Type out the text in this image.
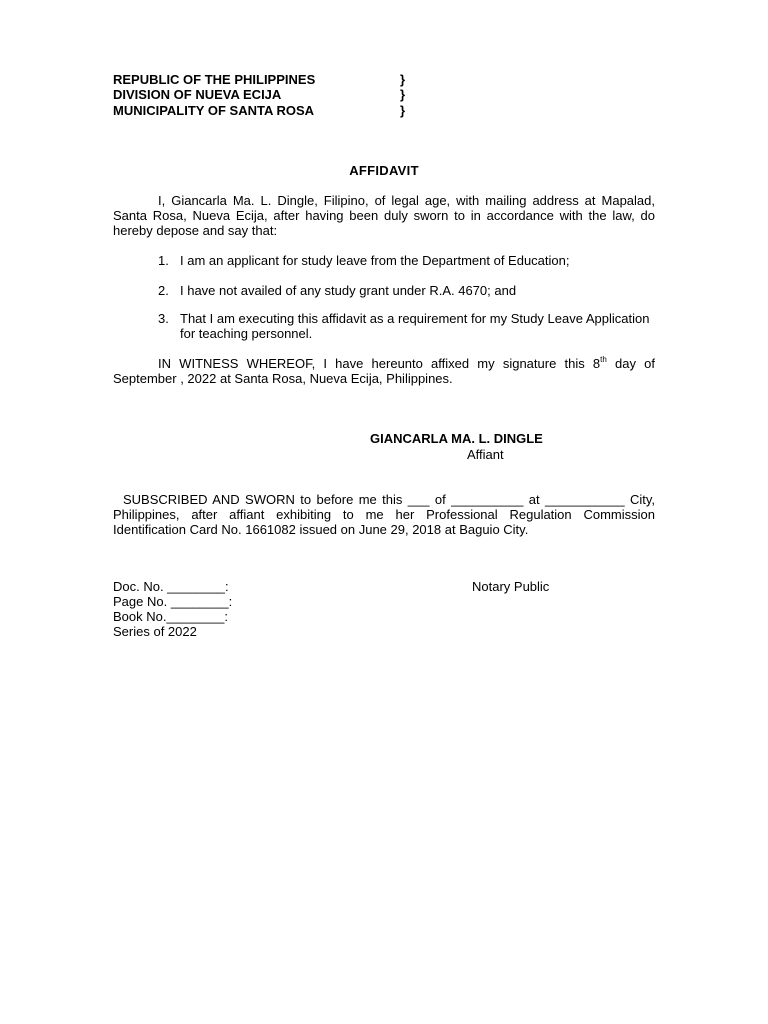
REPUBLIC OF THE PHILIPPINES	}
DIVISION OF NUEVA ECIJA	}
MUNICIPALITY OF SANTA ROSA	}
AFFIDAVIT
I, Giancarla Ma. L. Dingle, Filipino, of legal age, with mailing address at Mapalad, Santa Rosa, Nueva Ecija, after having been duly sworn to in accordance with the law, do hereby depose and say that:
1. I am an applicant for study leave from the Department of Education;
2. I have not availed of any study grant under R.A. 4670; and
3. That I am executing this affidavit as a requirement for my Study Leave Application for teaching personnel.
IN WITNESS WHEREOF, I have hereunto affixed my signature this 8th day of September , 2022 at Santa Rosa, Nueva Ecija, Philippines.
GIANCARLA MA. L. DINGLE
Affiant
SUBSCRIBED AND SWORN to before me this ___ of __________ at ___________ City, Philippines, after affiant exhibiting to me her Professional Regulation Commission Identification Card No. 1661082 issued on June 29, 2018 at Baguio City.
Doc. No. ________:
Page No. ________:
Book No.________:
Series of 2022
Notary Public
